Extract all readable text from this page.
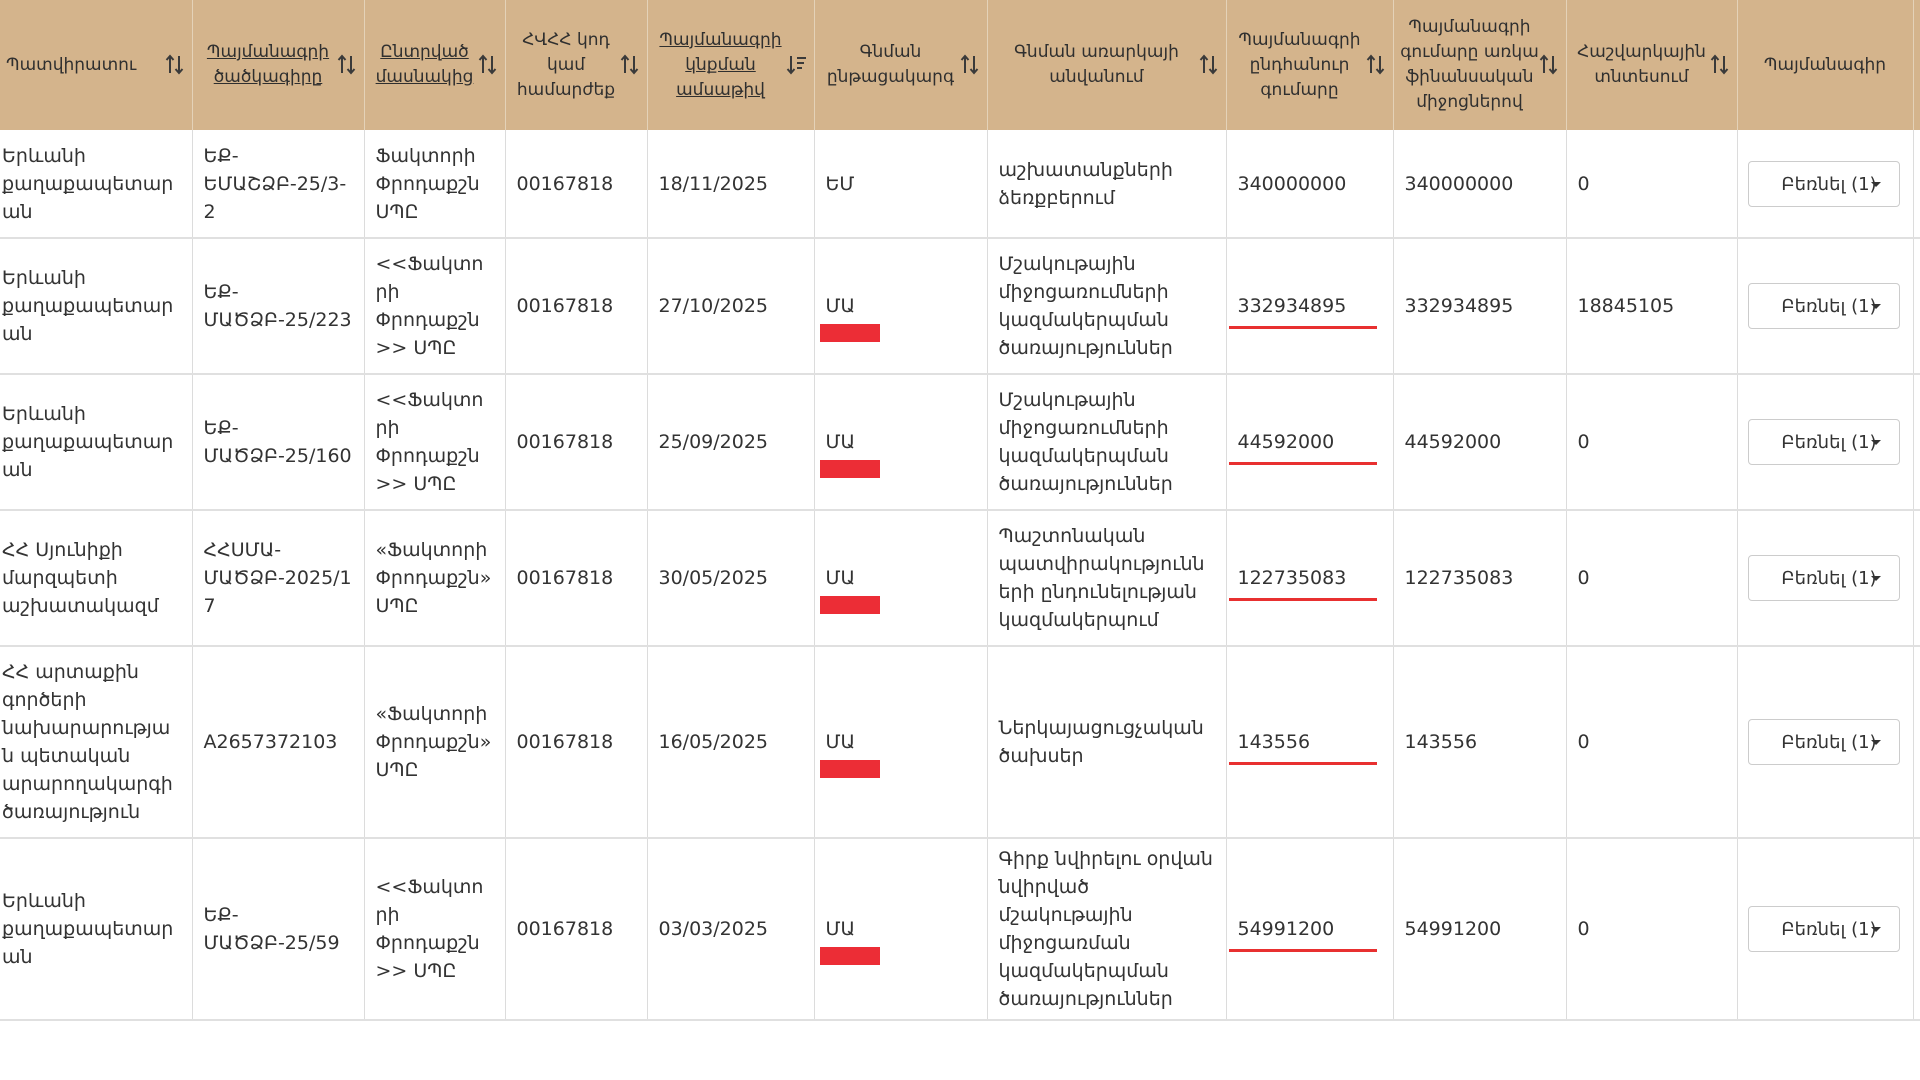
Պատվիրատու	Պայմանագրի ծածկագիրը	Ընտրված մասնակից	ՀՎՀՀ կոդ կամ համարժեք	Պայմանագրի կնքման ամսաթիվ	Գնման ընթացակարգ	Գնման առարկայի անվանում	Պայմանագրի ընդհանուր գումարը	Պայմանագրի գումարը առկա ֆինանսական միջոցներով	Հաշվարկային տնտեսում	Պայմանագիր	
Երևանի քաղաքապետարան	ԵՔ-ԵՄԱՇՁԲ-25/3-2	Ֆակտորի Փրոդաքշն ՍՊԸ	00167818	18/11/2025	ԵՄ	աշխատանքների ձեռքբերում	340000000	340000000	0	Բեռնել (1)

Երևանի քաղաքապետարան	ԵՔ-ՄԱԾՁԲ-25/223	<<Ֆակտորի Փրոդաքշն>> ՍՊԸ	00167818	27/10/2025	ՄԱ	Մշակութային միջոցառումների կազմակերպման ծառայություններ	332934895	332934895	18845105	Բեռնել (1)

Երևանի քաղաքապետարան	ԵՔ-ՄԱԾՁԲ-25/160	<<Ֆակտորի Փրոդաքշն>> ՍՊԸ	00167818	25/09/2025	ՄԱ	Մշակութային միջոցառումների կազմակերպման ծառայություններ	44592000	44592000	0	Բեռնել (1)

ՀՀ Սյունիքի մարզպետի աշխատակազմ	ՀՀՍՄԱ-ՄԱԾՁԲ-2025/17	«Ֆակտորի Փրոդաքշն» ՍՊԸ	00167818	30/05/2025	ՄԱ	Պաշտոնական պատվիրակությունների ընդունելության կազմակերպում	122735083	122735083	0	Բեռնել (1)

ՀՀ արտաքին գործերի նախարարության պետական արարողակարգի ծառայություն	A2657372103	«Ֆակտորի Փրոդաքշն» ՍՊԸ	00167818	16/05/2025	ՄԱ	Ներկայացուցչական ծախսեր	143556	143556	0	Բեռնել (1)

Երևանի քաղաքապետարան	ԵՔ-ՄԱԾՁԲ-25/59	<<Ֆակտորի Փրոդաքշն>> ՍՊԸ	00167818	03/03/2025	ՄԱ	Գիրք նվիրելու օրվան նվիրված մշակութային միջոցառման կազմակերպման ծառայություններ	54991200	54991200	0	Բեռնել (1)
